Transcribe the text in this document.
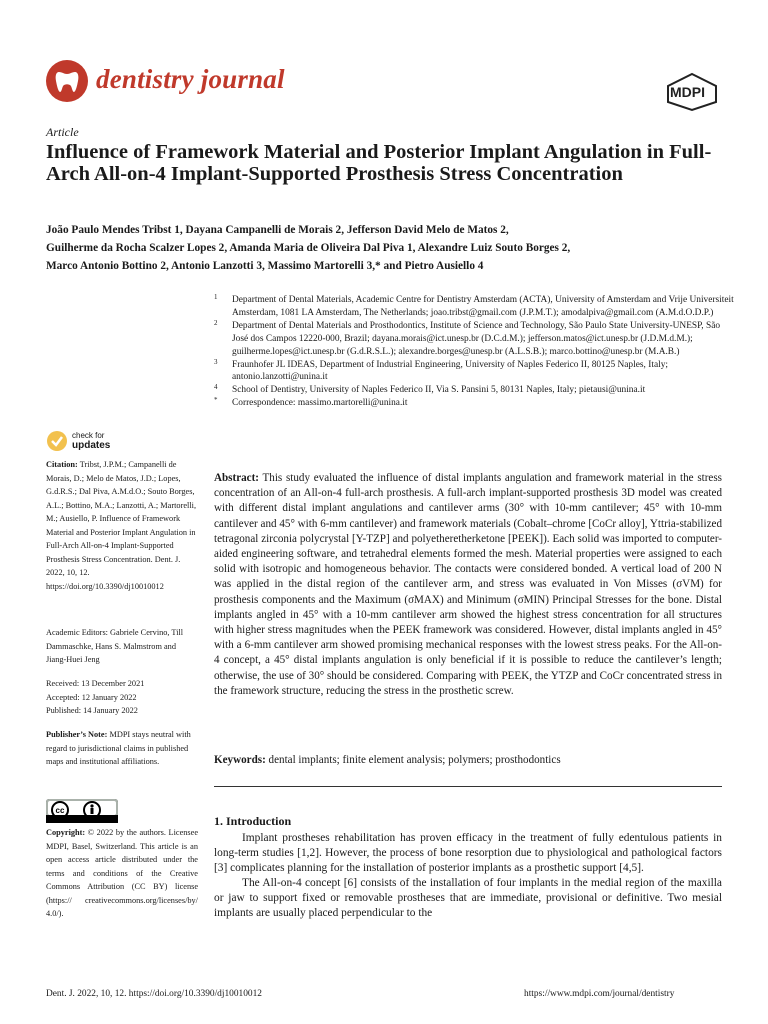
dentistry journal	MDPI
Article
Influence of Framework Material and Posterior Implant Angulation in Full-Arch All-on-4 Implant-Supported Prosthesis Stress Concentration
João Paulo Mendes Tribst 1, Dayana Campanelli de Morais 2, Jefferson David Melo de Matos 2,
Guilherme da Rocha Scalzer Lopes 2, Amanda Maria de Oliveira Dal Piva 1, Alexandre Luiz Souto Borges 2,
Marco Antonio Bottino 2, Antonio Lanzotti 3, Massimo Martorelli 3,* and Pietro Ausiello 4
1 Department of Dental Materials, Academic Centre for Dentistry Amsterdam (ACTA), University of Amsterdam and Vrije Universiteit Amsterdam, 1081 LA Amsterdam, The Netherlands; joao.tribst@gmail.com (J.P.M.T.); amodalpiva@gmail.com (A.M.d.O.D.P.)
2 Department of Dental Materials and Prosthodontics, Institute of Science and Technology, São Paulo State University-UNESP, São José dos Campos 12220-000, Brazil; dayana.morais@ict.unesp.br (D.C.d.M.); jefferson.matos@ict.unesp.br (J.D.M.d.M.); guilherme.lopes@ict.unesp.br (G.d.R.S.L.); alexandre.borges@unesp.br (A.L.S.B.); marco.bottino@unesp.br (M.A.B.)
3 Fraunhofer JL IDEAS, Department of Industrial Engineering, University of Naples Federico II, 80125 Naples, Italy; antonio.lanzotti@unina.it
4 School of Dentistry, University of Naples Federico II, Via S. Pansini 5, 80131 Naples, Italy; pietausi@unina.it
* Correspondence: massimo.martorelli@unina.it
check for
updates
Citation: Tribst, J.P.M.; Campanelli de Morais, D.; Melo de Matos, J.D.; Lopes, G.d.R.S.; Dal Piva, A.M.d.O.; Souto Borges, A.L.; Bottino, M.A.; Lanzotti, A.; Martorelli, M.; Ausiello, P. Influence of Framework Material and Posterior Implant Angulation in Full-Arch All-on-4 Implant-Supported Prosthesis Stress Concentration. Dent. J. 2022, 10, 12. https://doi.org/10.3390/dj10010012
Academic Editors: Gabriele Cervino, Till Dammaschke, Hans S. Malmstrom and Jiang-Huei Jeng
Received: 13 December 2021
Accepted: 12 January 2022
Published: 14 January 2022
Publisher’s Note: MDPI stays neutral with regard to jurisdictional claims in published maps and institutional affiliations.
cc
Copyright: © 2022 by the authors. Licensee MDPI, Basel, Switzerland. This article is an open access article distributed under the terms and conditions of the Creative Commons Attribution (CC BY) license (https:// creativecommons.org/licenses/by/ 4.0/).
Abstract: This study evaluated the influence of distal implants angulation and framework material in the stress concentration of an All-on-4 full-arch prosthesis. A full-arch implant-supported prosthesis 3D model was created with different distal implant angulations and cantilever arms (30° with 10-mm cantilever; 45° with 10-mm cantilever and 45° with 6-mm cantilever) and framework materials (Cobalt–chrome [CoCr alloy], Yttria-stabilized tetragonal zirconia polycrystal [Y-TZP] and polyetheretherketone [PEEK]). Each solid was imported to computer-aided engineering software, and tetrahedral elements formed the mesh. Material properties were assigned to each solid with isotropic and homogeneous behavior. The contacts were considered bonded. A vertical load of 200 N was applied in the distal region of the cantilever arm, and stress was evaluated in Von Misses (σVM) for prosthesis components and the Maximum (σMAX) and Minimum (σMIN) Principal Stresses for the bone. Distal implants angled in 45° with a 10-mm cantilever arm showed the highest stress concentration for all structures with higher stress magnitudes when the PEEK framework was considered. However, distal implants angled in 45° with a 6-mm cantilever arm showed promising mechanical responses with the lowest stress peaks. For the All-on-4 concept, a 45° distal implants angulation is only beneficial if it is possible to reduce the cantilever’s length; otherwise, the use of 30° should be considered. Comparing with PEEK, the YTZP and CoCr concentrated stress in the framework structure, reducing the stress in the prosthetic screw.
Keywords: dental implants; finite element analysis; polymers; prosthodontics
1. Introduction

Implant prostheses rehabilitation has proven efficacy in the treatment of fully edentulous patients in long-term studies [1,2]. However, the process of bone resorption due to physiological and pathological factors [3] complicates planning for the installation of posterior implants as a prosthetic support [4,5].

The All-on-4 concept [6] consists of the installation of four implants in the medial region of the maxilla or jaw to support fixed or removable prostheses that are immediate, provisional or definitive. Two mesial implants are usually placed perpendicular to the

Dent. J. 2022, 10, 12. https://doi.org/10.3390/dj10010012	https://www.mdpi.com/journal/dentistry
